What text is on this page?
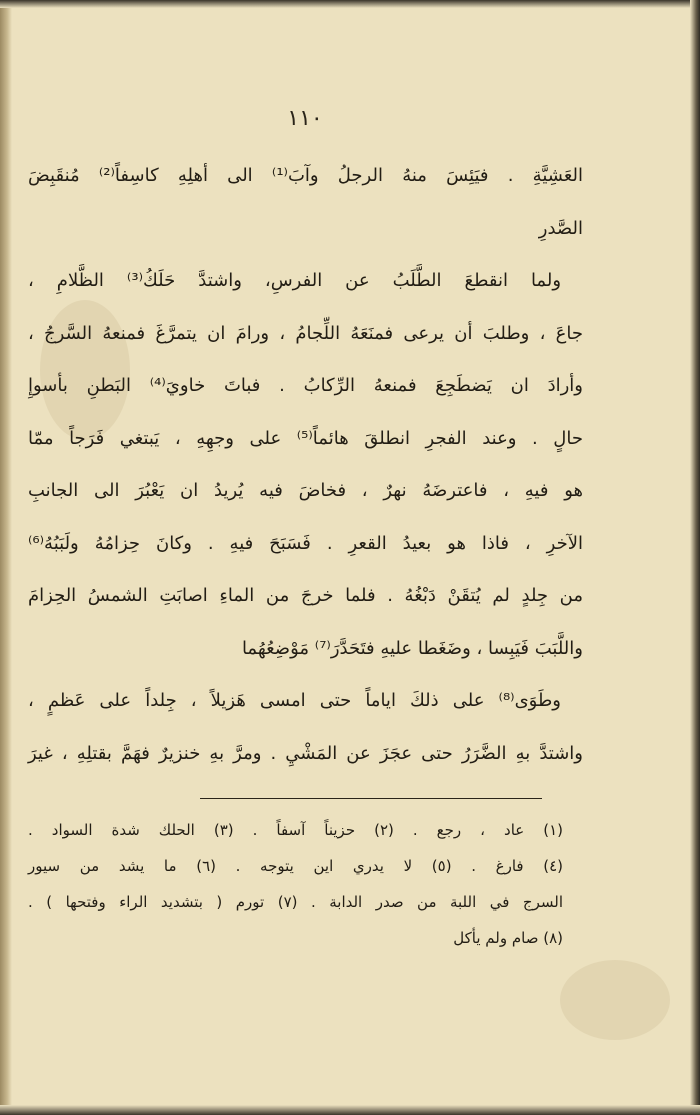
١١٠
العَشِيَّةِ . فيَئِسَ منهُ الرجلُ وآبَ⁽¹⁾ الى أهلِهِ كاسِفاً⁽²⁾ مُنقَبِضَ
الصَّدرِ
ولما انقطعَ الطَّلَبُ عن الفرسِ، واشتدَّ حَلَكُ⁽³⁾ الظَّلامِ ،
جاعَ ، وطلبَ أن يرعى فمنَعَهُ اللِّجامُ ، ورامَ ان يتمرَّغَ فمنعهُ السَّرجُ ،
وأرادَ ان يَضطَجِعَ فمنعهُ الرِّكابُ . فباتَ خاويَ⁽⁴⁾ البَطنِ بأسوإِ
حالٍ . وعند الفجرِ انطلقَ هائماً⁽⁵⁾ على وجهِهِ ، يَبتغي فَرَجاً ممّا
هو فيهِ ، فاعترضَهُ نهرٌ ، فخاضَ فيه يُريدُ ان يَعْبُرَ الى الجانبِ
الآخرِ ، فاذا هو بعيدُ القعرِ . فَسَبَحَ فيهِ . وكانَ حِزامُهُ ولَبَبُهُ⁽⁶⁾
من جِلدٍ لم يُتقَنْ دَبْغُهُ . فلما خرجَ من الماءِ اصابَتِ الشمسُ الحِزامَ
واللَّبَبَ فَيَبِسا ، وضَغَطا عليهِ فتَحَدَّرَ⁽⁷⁾ مَوْضِعُهُما
وطَوَى⁽⁸⁾ على ذلكَ اياماً حتى امسى هَزيلاً ، جِلداً على عَظمٍ ،
واشتدَّ بهِ الضَّرَرُ حتى عجَزَ عن المَشْيِ . ومرَّ بهِ خنزيرٌ فهَمَّ بقتلِهِ ، غيرَ
(١) عاد ، رجع . (٢) حزيناً آسفاً . (٣) الحلك شدة السواد .
(٤) فارغ . (٥) لا يدري اين يتوجه . (٦) ما يشد من سيور
السرج في اللبة من صدر الدابة . (٧) تورم ( بتشديد الراء وفتحها ) .
(٨) صام ولم يأكل
